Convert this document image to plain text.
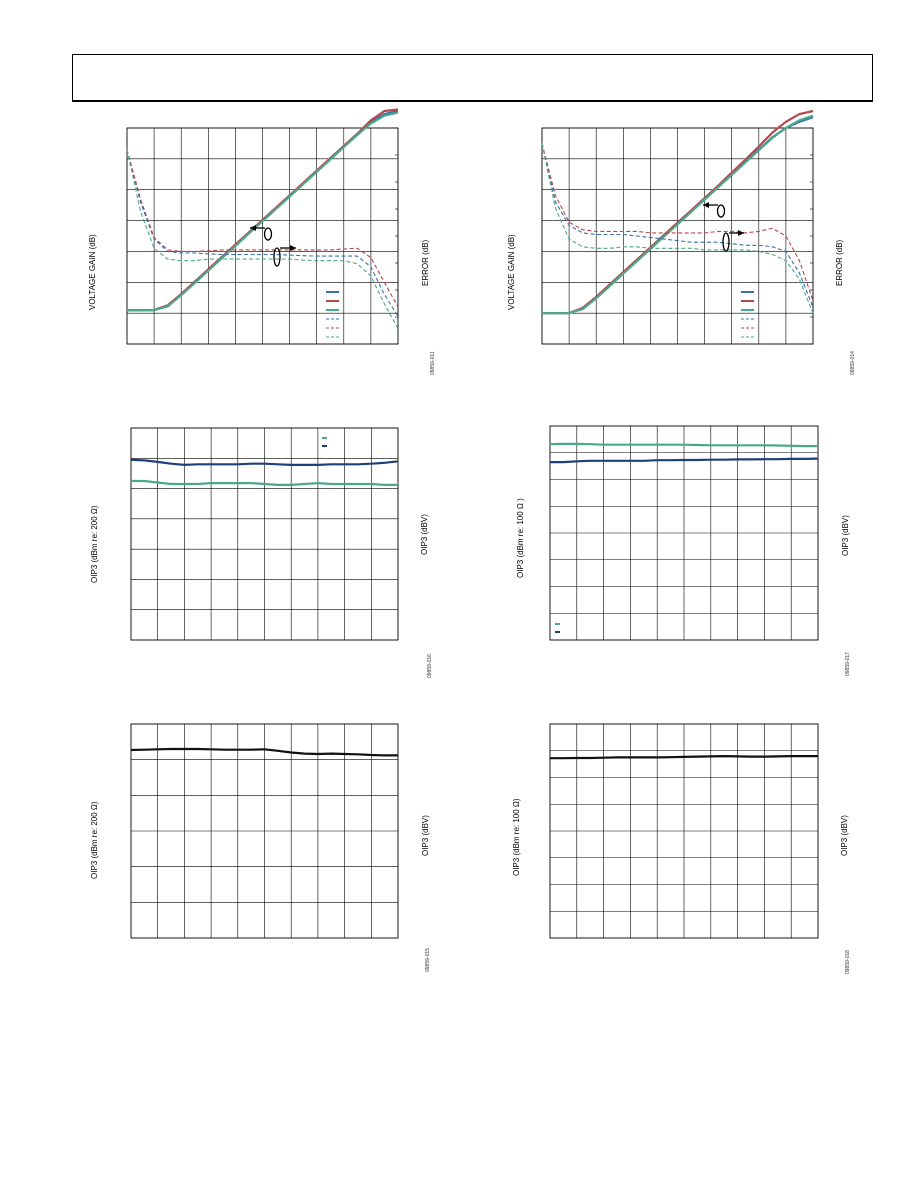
VOLTAGE GAIN (dB)	ERROR (dB)
09859-011
VOLTAGE GAIN (dB)	ERROR (dB)
09859-014
OIP3 (dBm re: 200 Ω)	OIP3 (dBV)
09859-016
OIP3 (dBm re: 100 Ω )	OIP3 (dBV)
09859-017
OIP3 (dBm re: 200 Ω)	OIP3 (dBV)
09859-015
OIP3 (dBm re: 100 Ω)	OIP3 (dBV)
09859-018
